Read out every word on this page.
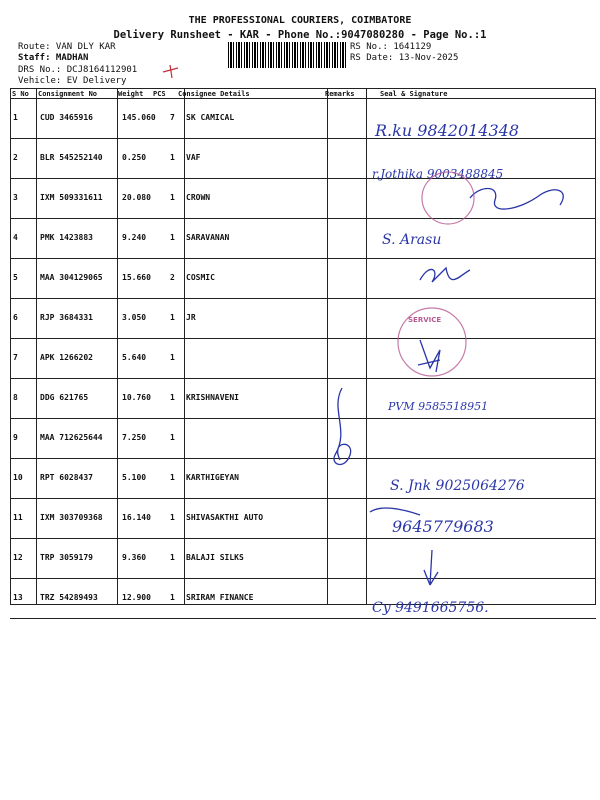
THE PROFESSIONAL COURIERS, COIMBATORE
Delivery Runsheet - KAR - Phone No.:9047080280 - Page No.:1
Route: VAN DLY KAR
Staff: MADHAN
DRS No.: DCJ8164112901
Vehicle: EV Delivery
RS No.: 1641129
RS Date: 13-Nov-2025
S No Consignment No	Weight PCS Consignee Details	Remarks	Seal & Signature
1	CUD 3465916	145.060 7 SK CAMICAL
2	BLR 545252140 0.250	1 VAF
3	IXM 509331611 20.080 1 CROWN
4	PMK 1423883	9.240	1 SARAVANAN
5	MAA 304129065 15.660 2 COSMIC
6	RJP 3684331	3.050	1 JR
7	APK 1266202	5.640	1
8	DDG 621765	10.760 1 KRISHNAVENI
9	MAA 712625644 7.250	1
10 RPT 6028437	5.100	1 KARTHIGEYAN
11 IXM 303709368 16.140 1 SHIVASAKTHI AUTO
12 TRP 3059179	9.360	1 BALAJI SILKS
13 TRZ 54289493	12.900 1 SRIRAM FINANCE
R.ku 9842014348
r.Jothika 9003488845
S. Arasu
PVM 9585518951
S. Jnk 9025064276
9645779683
Cy 9491665756.
SERVICE
